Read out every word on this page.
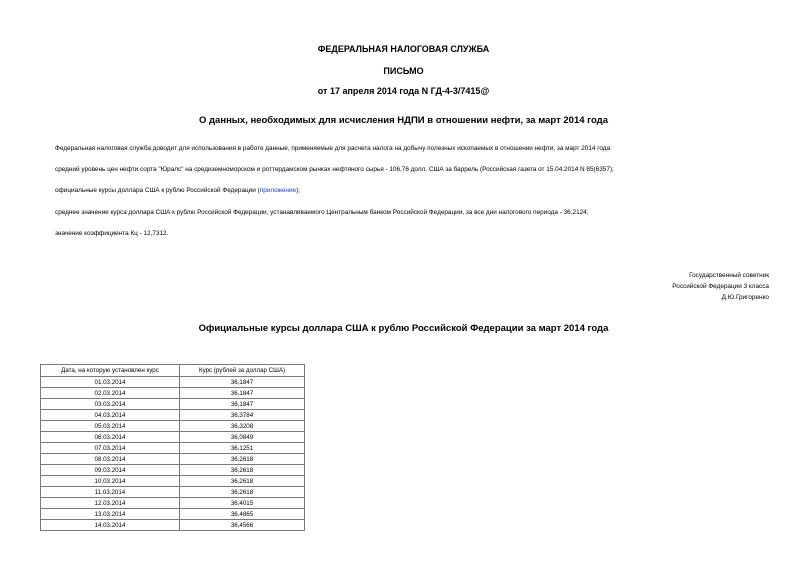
ФЕДЕРАЛЬНАЯ НАЛОГОВАЯ СЛУЖБА
ПИСЬМО
от 17 апреля 2014 года N ГД-4-3/7415@
О данных, необходимых для исчисления НДПИ в отношении нефти, за март 2014 года
Федеральная налоговая служба доводит для использования в работе данные, применяемые для расчета налога на добычу полезных ископаемых в отношении нефти, за март 2014 года:
средний уровень цен нефти сорта "Юралс" на средиземноморском и роттердамском рынках нефтяного сырья - 106,76 долл. США за баррель (Российская газета от 15.04.2014 N 85(6357);
официальные курсы доллара США к рублю Российской Федерации (приложение);
среднее значение курса доллара США к рублю Российской Федерации, устанавливаемого Центральным банком Российской Федерации, за все дни налогового периода - 36,2124;
значение коэффициента Кц - 12,7312.
Государственный советник
Российской Федерации 3 класса
Д.Ю.Григоренко
Официальные курсы доллара США к рублю Российской Федерации за март 2014 года
Дата, на которую установлен курс	Курс (рублей за доллар США)
01.03.2014	36,1847
02.03.2014	36,1847
03.03.2014	36,1847
04.03.2014	36,3784
05.03.2014	36,3208
06.03.2014	36,0849
07.03.2014	36,1251
08.03.2014	36,2618
09.03.2014	36,2618
10.03.2014	36,2618
11.03.2014	36,2618
12.03.2014	36,4015
13.03.2014	36,4865
14.03.2014	36,4566
